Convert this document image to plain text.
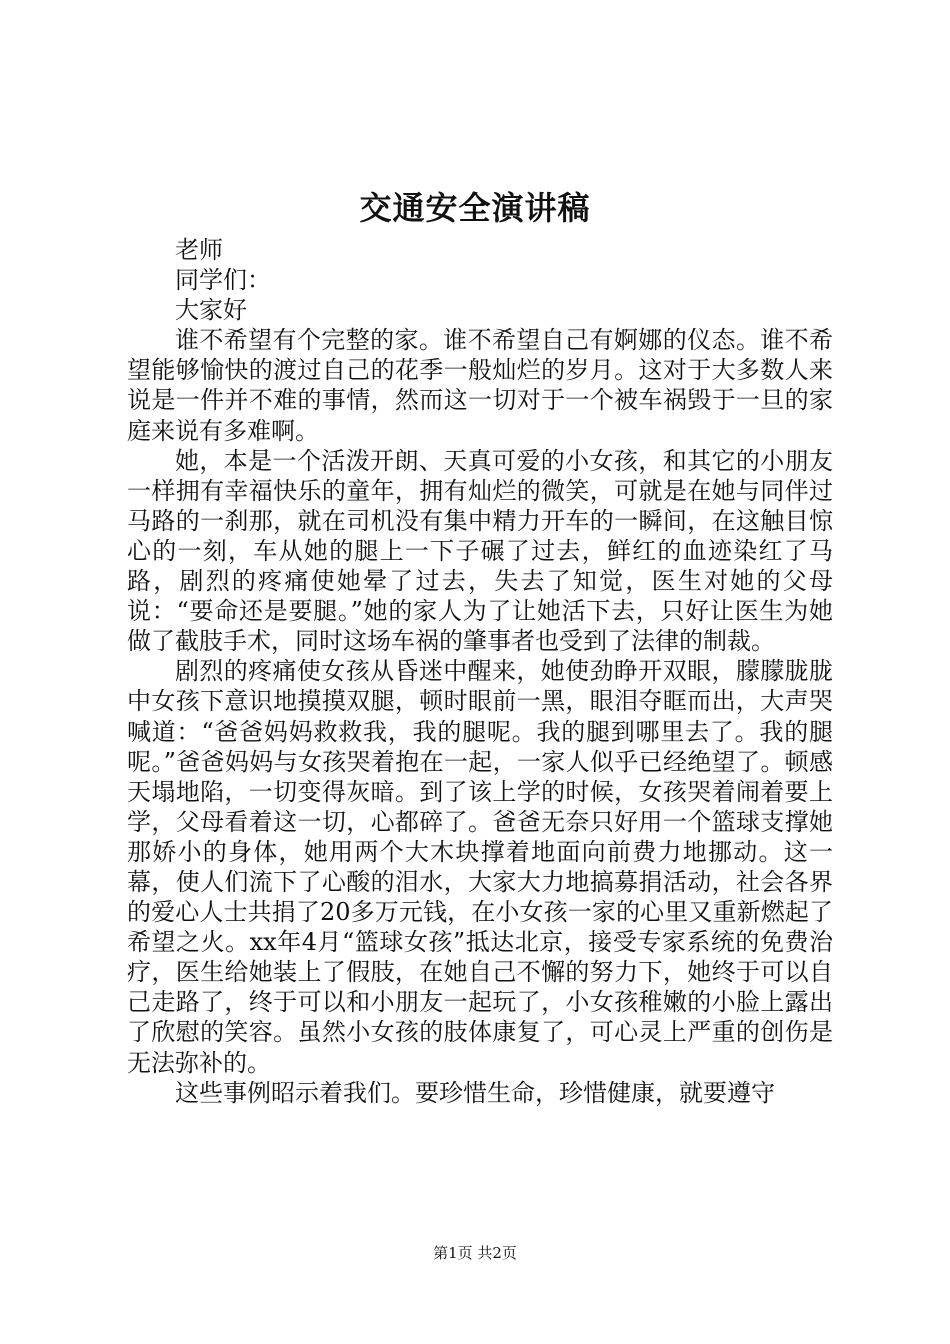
交通安全演讲稿

老师

同学们：

大家好

谁不希望有个完整的家。谁不希望自己有婀娜的仪态。谁不希望能够愉快的渡过自己的花季一般灿烂的岁月。这对于大多数人来说是一件并不难的事情，然而这一切对于一个被车祸毁于一旦的家庭来说有多难啊。

她，本是一个活泼开朗、天真可爱的小女孩，和其它的小朋友一样拥有幸福快乐的童年，拥有灿烂的微笑，可就是在她与同伴过马路的一刹那，就在司机没有集中精力开车的一瞬间，在这触目惊心的一刻，车从她的腿上一下子碾了过去，鲜红的血迹染红了马路，剧烈的疼痛使她晕了过去，失去了知觉，医生对她的父母说：“要命还是要腿。”她的家人为了让她活下去，只好让医生为她做了截肢手术，同时这场车祸的肇事者也受到了法律的制裁。

剧烈的疼痛使女孩从昏迷中醒来，她使劲睁开双眼，朦朦胧胧中女孩下意识地摸摸双腿，顿时眼前一黑，眼泪夺眶而出，大声哭喊道：“爸爸妈妈救救我，我的腿呢。我的腿到哪里去了。我的腿呢。”爸爸妈妈与女孩哭着抱在一起，一家人似乎已经绝望了。顿感天塌地陷，一切变得灰暗。到了该上学的时候，女孩哭着闹着要上学，父母看着这一切，心都碎了。爸爸无奈只好用一个篮球支撑她那娇小的身体，她用两个大木块撑着地面向前费力地挪动。这一幕，使人们流下了心酸的泪水，大家大力地搞募捐活动，社会各界的爱心人士共捐了20多万元钱，在小女孩一家的心里又重新燃起了希望之火。xx年4月“篮球女孩”抵达北京，接受专家系统的免费治疗，医生给她装上了假肢，在她自己不懈的努力下，她终于可以自己走路了，终于可以和小朋友一起玩了，小女孩稚嫩的小脸上露出了欣慰的笑容。虽然小女孩的肢体康复了，可心灵上严重的创伤是无法弥补的。

这些事例昭示着我们。要珍惜生命，珍惜健康，就要遵守

第1页 共2页
